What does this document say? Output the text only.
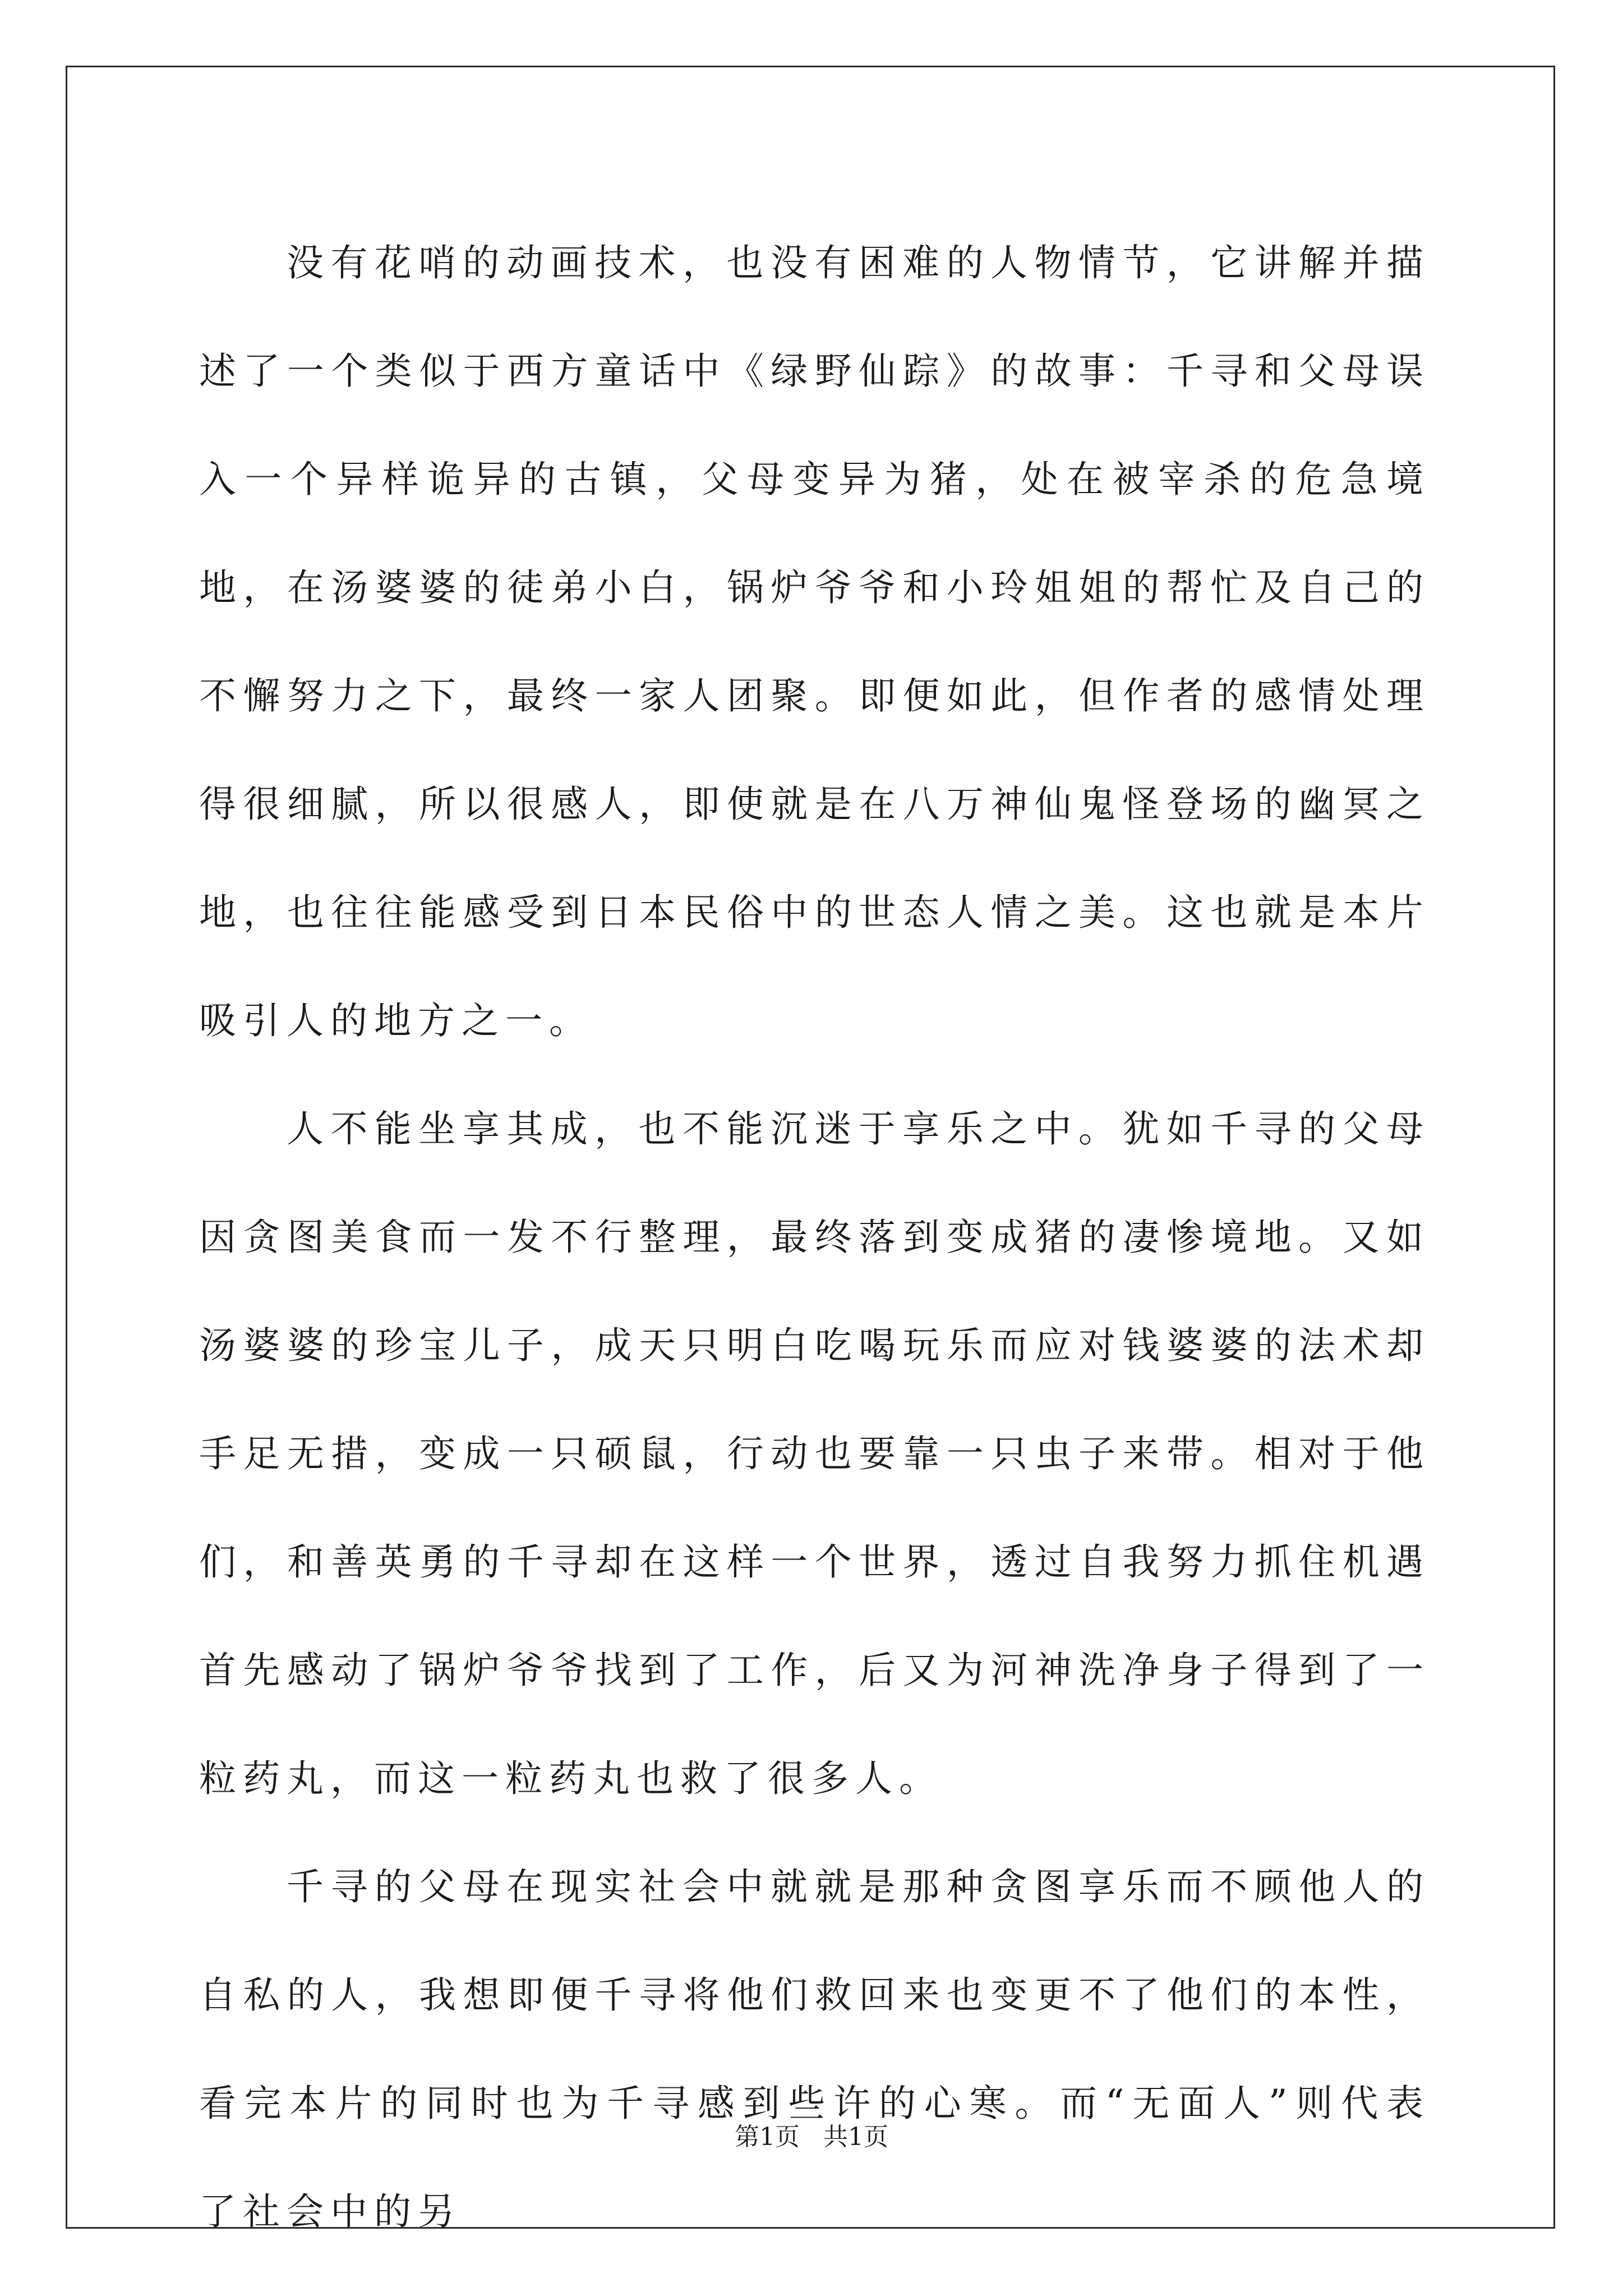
没有花哨的动画技术，也没有困难的人物情节，它讲解并描述了一个类似于西方童话中《绿野仙踪》的故事：千寻和父母误入一个异样诡异的古镇，父母变异为猪，处在被宰杀的危急境地，在汤婆婆的徒弟小白，锅炉爷爷和小玲姐姐的帮忙及自己的不懈努力之下，最终一家人团聚。即便如此，但作者的感情处理得很细腻，所以很感人，即使就是在八万神仙鬼怪登场的幽冥之地，也往往能感受到日本民俗中的世态人情之美。这也就是本片吸引人的地方之一。

人不能坐享其成，也不能沉迷于享乐之中。犹如千寻的父母因贪图美食而一发不行整理，最终落到变成猪的凄惨境地。又如汤婆婆的珍宝儿子，成天只明白吃喝玩乐而应对钱婆婆的法术却手足无措，变成一只硕鼠，行动也要靠一只虫子来带。相对于他们，和善英勇的千寻却在这样一个世界，透过自我努力抓住机遇首先感动了锅炉爷爷找到了工作，后又为河神洗净身子得到了一粒药丸，而这一粒药丸也救了很多人。

千寻的父母在现实社会中就就是那种贪图享乐而不顾他人的自私的人，我想即便千寻将他们救回来也变更不了他们的本性，看完本片的同时也为千寻感到些许的心寒。而“无面人”则代表了社会中的另

第1页 共1页
